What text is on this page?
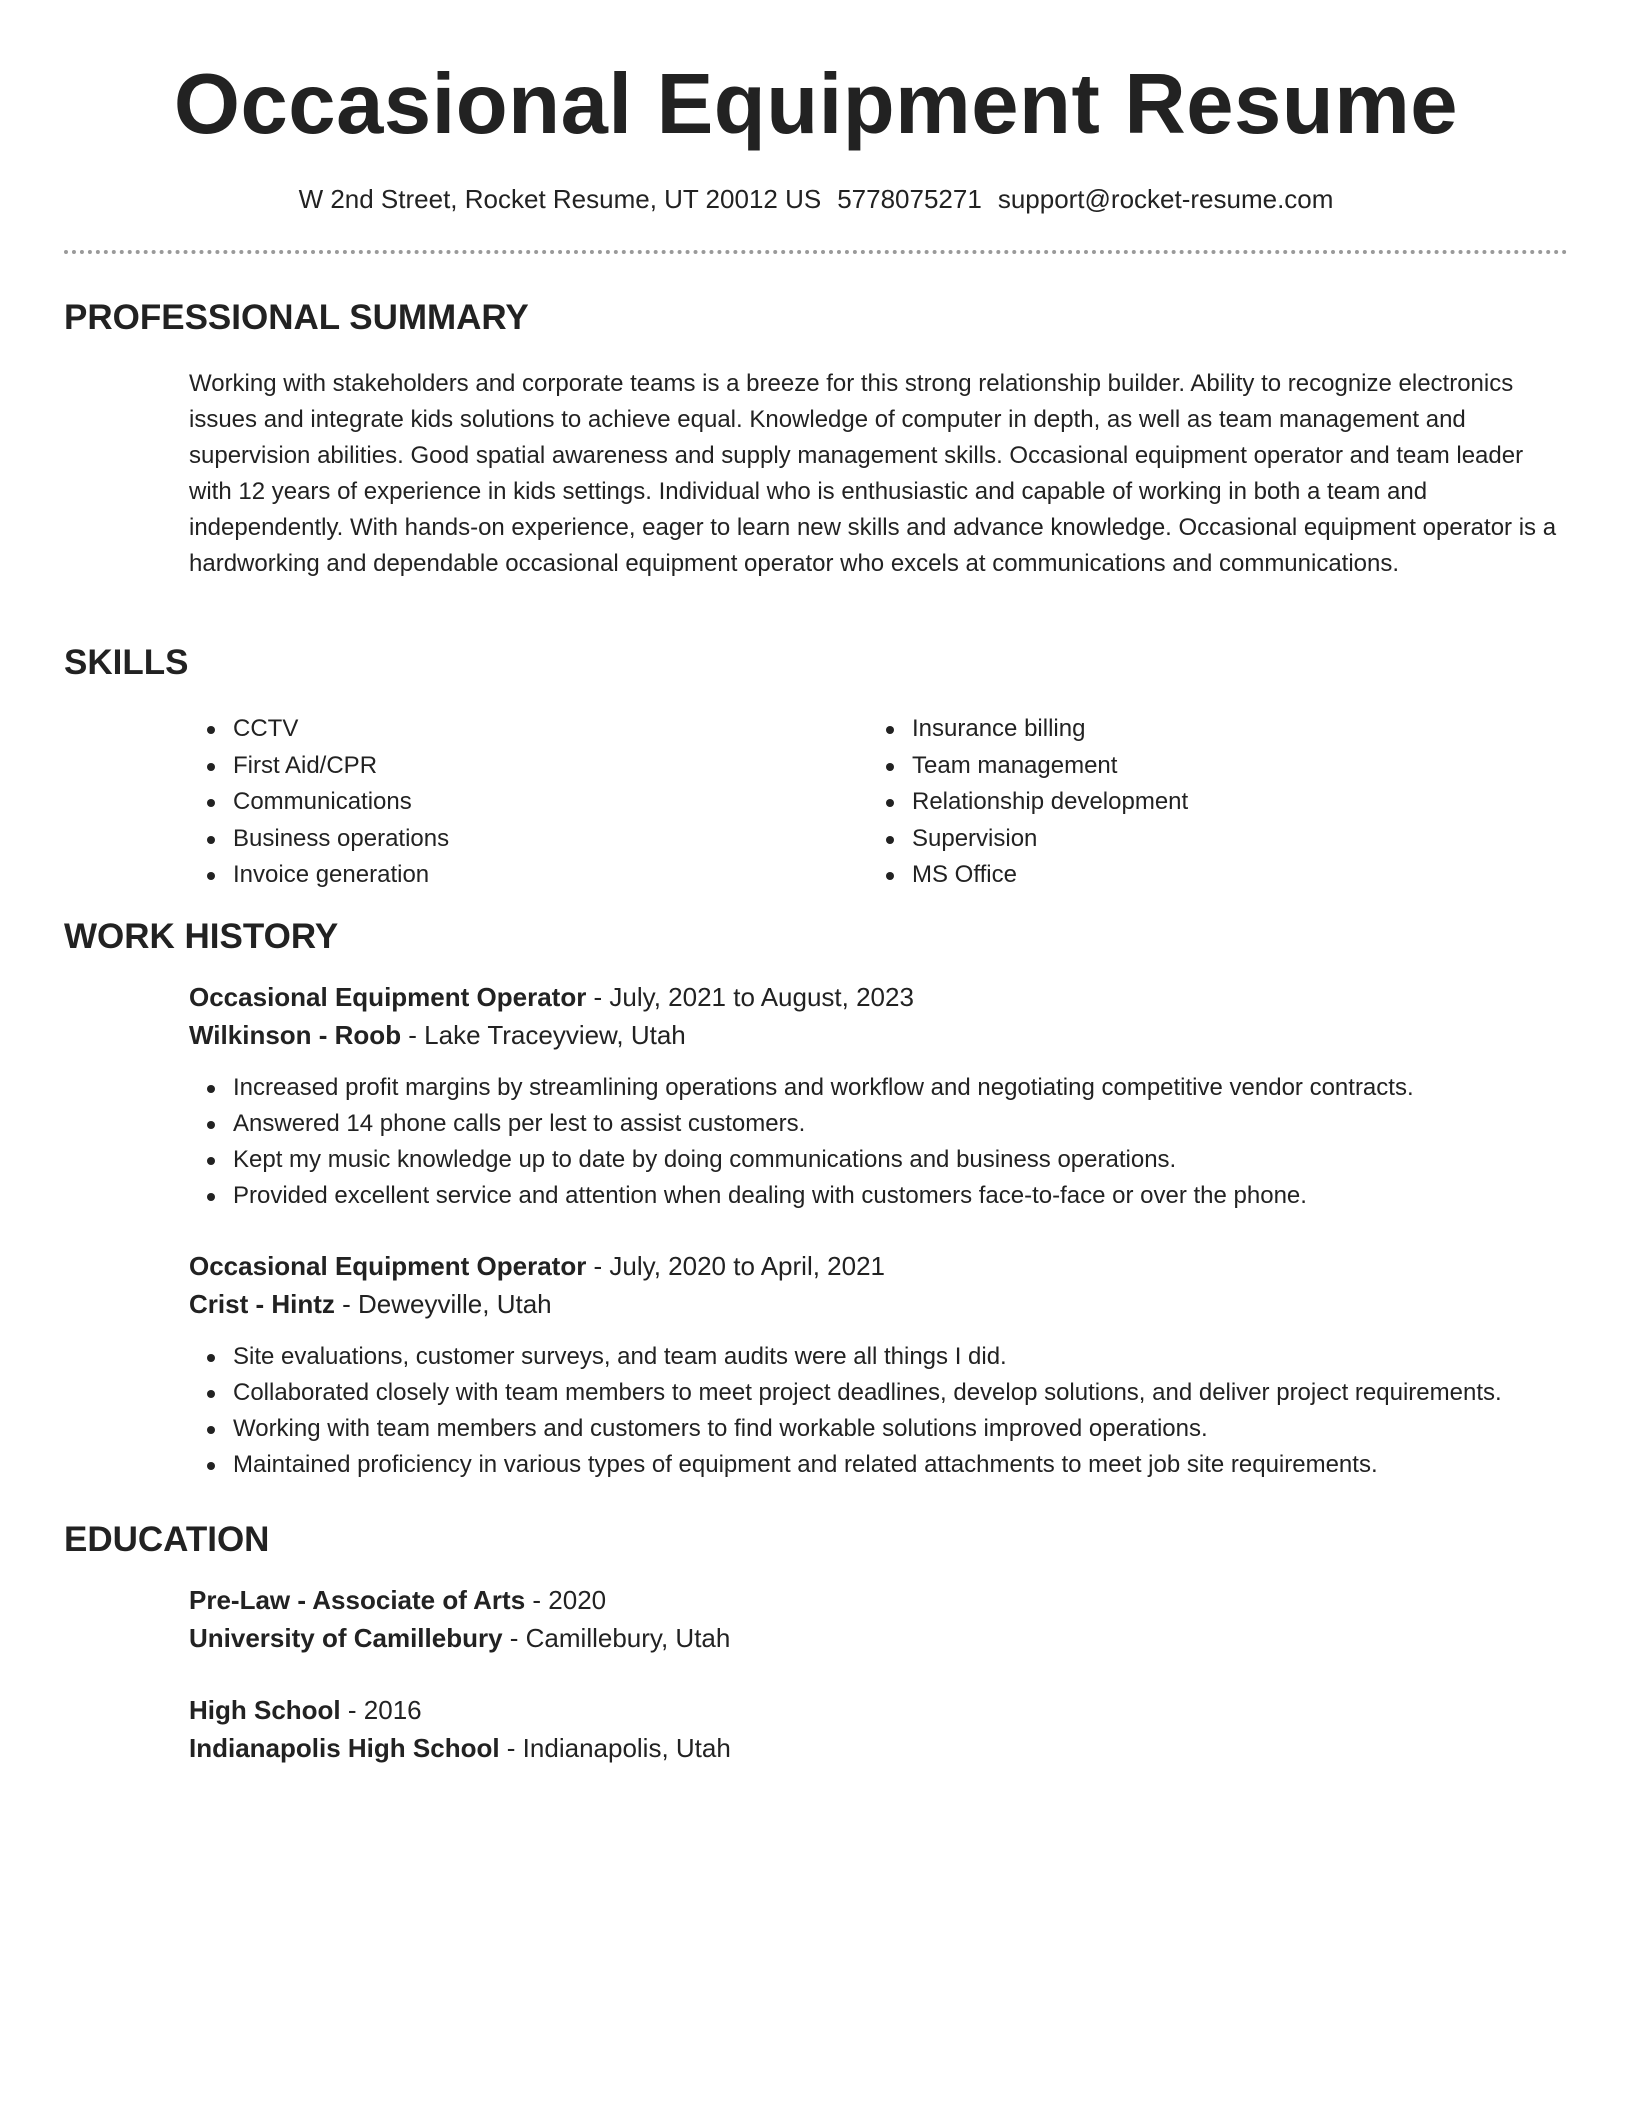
Occasional Equipment Resume
W 2nd Street, Rocket Resume, UT 20012 US 5778075271 support@rocket-resume.com
PROFESSIONAL SUMMARY

Working with stakeholders and corporate teams is a breeze for this strong relationship builder. Ability to recognize electronics issues and integrate kids solutions to achieve equal. Knowledge of computer in depth, as well as team management and supervision abilities. Good spatial awareness and supply management skills. Occasional equipment operator and team leader with 12 years of experience in kids settings. Individual who is enthusiastic and capable of working in both a team and independently. With hands-on experience, eager to learn new skills and advance knowledge. Occasional equipment operator is a hardworking and dependable occasional equipment operator who excels at communications and communications.

SKILLS
CCTV
First Aid/CPR
Communications
Business operations
Invoice generation
Insurance billing
Team management
Relationship development
Supervision
MS Office
WORK HISTORY

Occasional Equipment Operator - July, 2021 to August, 2023

Wilkinson - Roob - Lake Traceyview, Utah

Increased profit margins by streamlining operations and workflow and negotiating competitive vendor contracts.
Answered 14 phone calls per lest to assist customers.
Kept my music knowledge up to date by doing communications and business operations.
Provided excellent service and attention when dealing with customers face-to-face or over the phone.

Occasional Equipment Operator - July, 2020 to April, 2021

Crist - Hintz - Deweyville, Utah

Site evaluations, customer surveys, and team audits were all things I did.
Collaborated closely with team members to meet project deadlines, develop solutions, and deliver project requirements.
Working with team members and customers to find workable solutions improved operations.
Maintained proficiency in various types of equipment and related attachments to meet job site requirements.
EDUCATION

Pre-Law - Associate of Arts - 2020

University of Camillebury - Camillebury, Utah

High School - 2016

Indianapolis High School - Indianapolis, Utah
